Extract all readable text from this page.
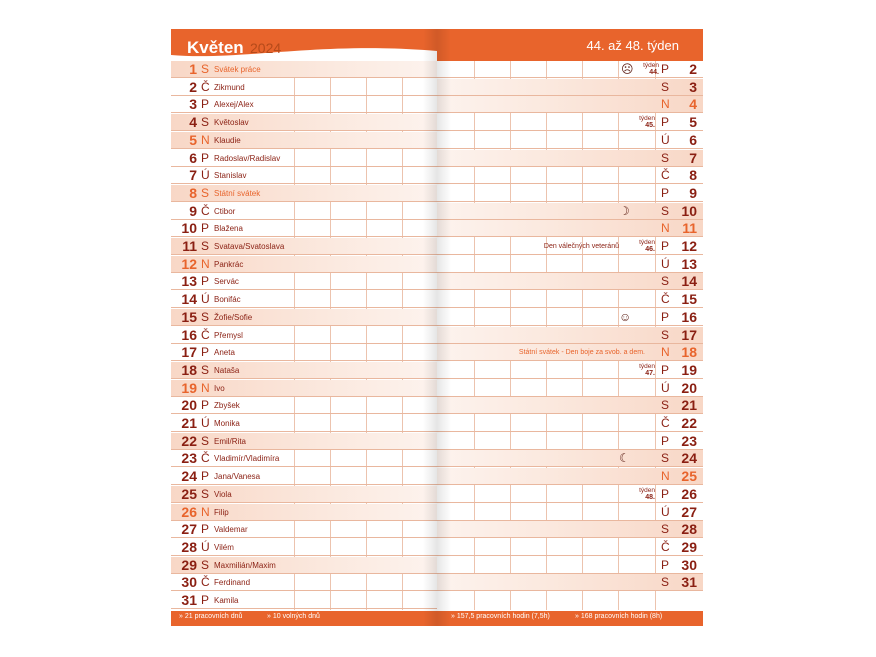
Květen 2024
1 S Svátek práce
2 Č Zikmund
3 P Alexej/Alex
4 S Květoslav
5 N Klaudie
6 P Radoslav/Radislav
7 Ú Stanislav
8 S Státní svátek
9 Č Ctibor
10 P Blažena
11 S Svatava/Svatoslava
12 N Pankrác
13 P Servác
14 Ú Bonifác
15 S Žofie/Sofie
16 Č Přemysl
17 P Aneta
18 S Nataša
19 N Ivo
20 P Zbyšek
21 Ú Monika
22 S Emil/Rita
23 Č Vladimír/Vladimíra
24 P Jana/Vanesa
25 S Viola
26 N Filip
27 P Valdemar
28 Ú Vilém
29 S Maxmilián/Maxim
30 Č Ferdinand
31 P Kamila
» 21 pracovních dnů	» 10 volných dnů
44. až 48. týden
P	2
S	3
N	4
P	5
Ú	6
S	7
Č	8
P	9
S 10
N 11
P 12
Ú 13
S 14
Č 15
P 16
S 17
N 18
P 19
Ú 20
S 21
Č 22
P 23
S 24
N 25
P 26
Ú 27
S 28
Č 29
P 30
S 31
týden
44.
☹
týden
45.
☽
týden
46.
Den válečných veteránů
☺
Státní svátek - Den boje za svob. a dem.
týden
47.
☾
týden
48.
» 157,5 pracovních hodin (7,5h)	» 168 pracovních hodin (8h)
